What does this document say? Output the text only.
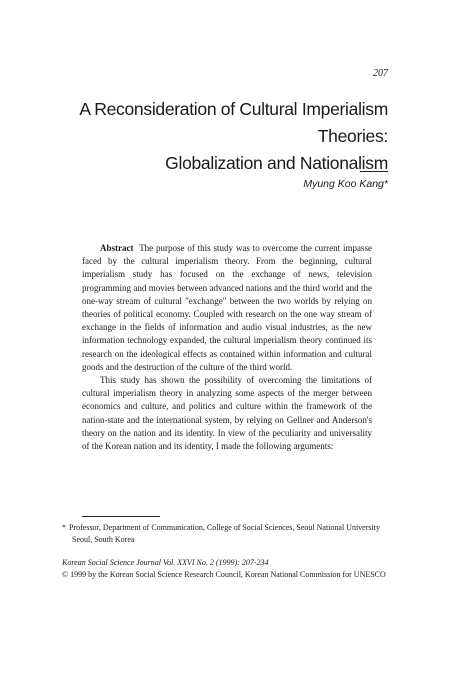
207
A Reconsideration of Cultural Imperialism Theories:
Globalization and Nationalism
Myung Koo Kang*

Abstract The purpose of this study was to overcome the current impasse faced by the cultural imperialism theory. From the beginning, cultural imperialism study has focused on the exchange of news, television programming and movies between advanced nations and the third world and the one-way stream of cultural "exchange" between the two worlds by relying on theories of political economy. Coupled with research on the one way stream of exchange in the fields of information and audio visual industries, as the new information technology expanded, the cultural imperialism theory continued its research on the ideological effects as contained within information and cultural goods and the destruction of the culture of the third world.

This study has shown the possibility of overcoming the limitations of cultural imperialism theory in analyzing some aspects of the merger between economics and culture, and politics and culture within the framework of the nation-state and the international system, by relying on Gellner and Anderson's theory on the nation and its identity. In view of the peculiarity and universality of the Korean nation and its identity, I made the following arguments:

* Professor, Department of Communication, College of Social Sciences, Seoul National University
Seoul, South Korea

Korean Social Science Journal Vol. XXVI No. 2 (1999): 207-234
© 1999 by the Korean Social Science Research Council, Korean National Commission for UNESCO
